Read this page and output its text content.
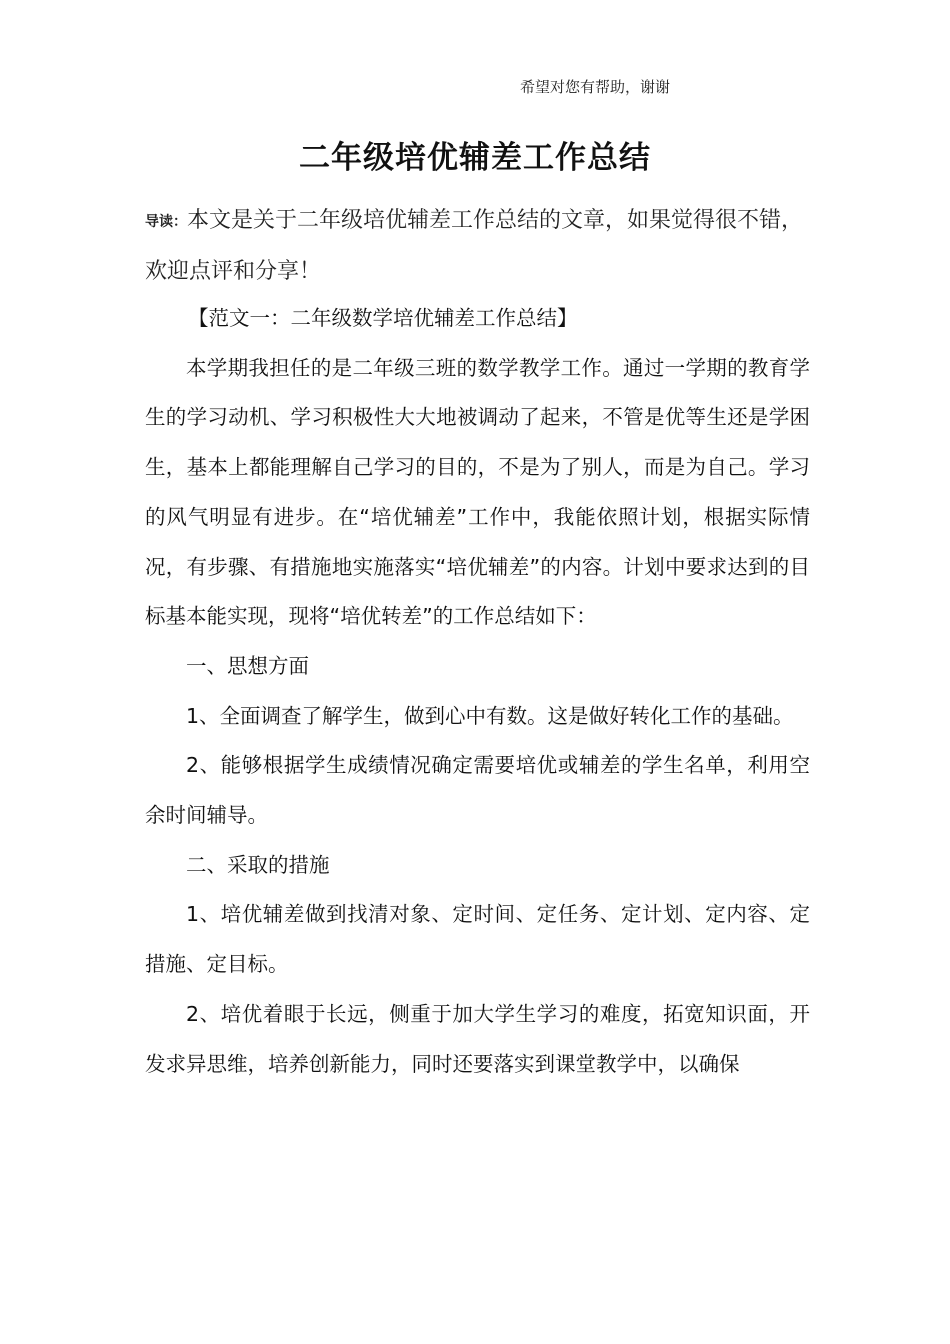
希望对您有帮助，谢谢
二年级培优辅差工作总结

导读：本文是关于二年级培优辅差工作总结的文章，如果觉得很不错，欢迎点评和分享！

【范文一：二年级数学培优辅差工作总结】

本学期我担任的是二年级三班的数学教学工作。通过一学期的教育学生的学习动机、学习积极性大大地被调动了起来，不管是优等生还是学困生，基本上都能理解自己学习的目的，不是为了别人，而是为自己。学习的风气明显有进步。在“培优辅差”工作中，我能依照计划，根据实际情况，有步骤、有措施地实施落实“培优辅差”的内容。计划中要求达到的目标基本能实现，现将“培优转差”的工作总结如下：

一、思想方面

1、全面调查了解学生，做到心中有数。这是做好转化工作的基础。

2、能够根据学生成绩情况确定需要培优或辅差的学生名单，利用空余时间辅导。

二、采取的措施

1、培优辅差做到找清对象、定时间、定任务、定计划、定内容、定措施、定目标。

2、培优着眼于长远，侧重于加大学生学习的难度，拓宽知识面，开发求异思维，培养创新能力，同时还要落实到课堂教学中，以确保
